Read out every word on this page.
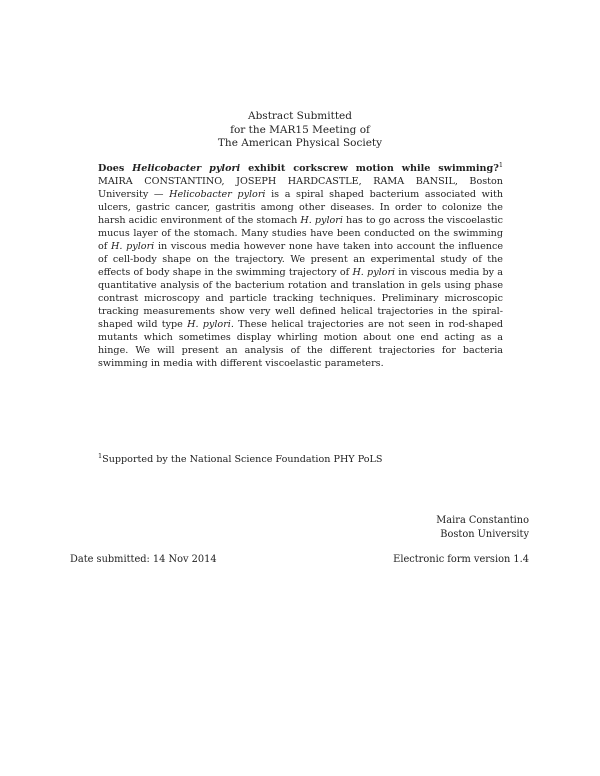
Abstract Submitted
for the MAR15 Meeting of
The American Physical Society
Does Helicobacter pylori exhibit corkscrew motion while swimming?$^1$ MAIRA CONSTANTINO, JOSEPH HARDCASTLE, RAMA BANSIL, Boston University — Helicobacter pylori is a spiral shaped bacterium associated with ulcers, gastric cancer, gastritis among other diseases. In order to colonize the harsh acidic environment of the stomach H. pylori has to go across the viscoelastic mucus layer of the stomach. Many studies have been conducted on the swimming of H. pylori in viscous media however none have taken into account the influence of cell-body shape on the trajectory. We present an experimental study of the effects of body shape in the swimming trajectory of H. pylori in viscous media by a quantitative analysis of the bacterium rotation and translation in gels using phase contrast microscopy and particle tracking techniques. Preliminary microscopic tracking measurements show very well defined helical trajectories in the spiral-shaped wild type H. pylori. These helical trajectories are not seen in rod-shaped mutants which sometimes display whirling motion about one end acting as a hinge. We will present an analysis of the different trajectories for bacteria swimming in media with different viscoelastic parameters.
$^1$Supported by the National Science Foundation PHY PoLS
Maira Constantino
Boston University
Date submitted: 14 Nov 2014	Electronic form version 1.4
